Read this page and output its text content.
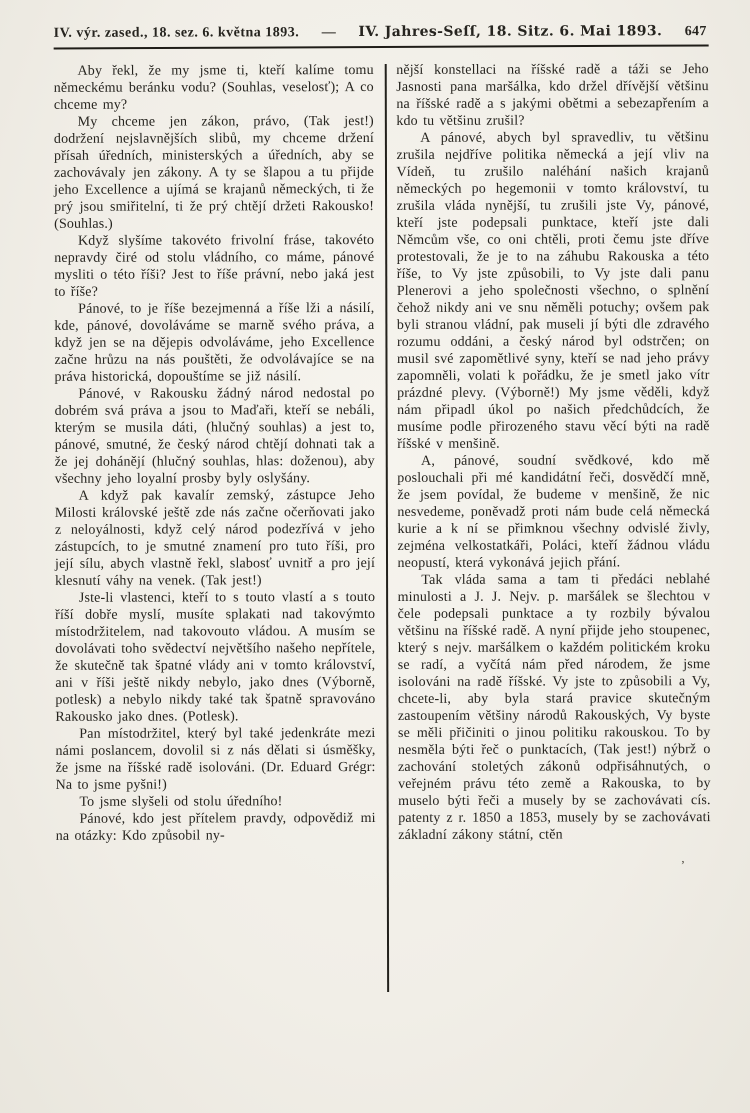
IV. výr. zased., 18. sez. 6. května 1893. — IV. Jahres-Seſſ, 18. Sitz. 6. Mai 1893. 647

Aby řekl, že my jsme ti, kteří kalíme tomu německému beránku vodu? (Souhlas, veselosť); A co chceme my?

My chceme jen zákon, právo, (Tak jest!) dodržení nejslavnějších slibů, my chceme držení přísah úředních, ministerských a úředních, aby se zachovávaly jen zákony. A ty se šlapou a tu přijde jeho Excellence a ujímá se krajanů německých, ti že prý jsou smiřitelní, ti že prý chtějí držeti Rakousko! (Souhlas.)

Když slyšíme takovéto frivolní fráse, takovéto nepravdy čiré od stolu vládního, co máme, pánové mysliti o této říši? Jest to říše právní, nebo jaká jest to říše?

Pánové, to je říše bezejmenná a říše lži a násilí, kde, pánové, dovoláváme se marně svého práva, a když jen se na dějepis odvoláváme, jeho Excellence začne hrůzu na nás pouštěti, že odvolávajíce se na práva historická, dopouštíme se již násilí.

Pánové, v Rakousku žádný národ nedostal po dobrém svá práva a jsou to Maďaři, kteří se nebáli, kterým se musila dáti, (hlučný souhlas) a jest to, pánové, smutné, že český národ chtějí dohnati tak a že jej dohánějí (hlučný souhlas, hlas: doženou), aby všechny jeho loyalní prosby byly oslyšány.

A když pak kavalír zemský, zástupce Jeho Milosti královské ještě zde nás začne očerňovati jako z neloyálnosti, když celý národ podezřívá v jeho zástupcích, to je smutné znamení pro tuto říši, pro její sílu, abych vlastně řekl, slabosť uvnitř a pro její klesnutí váhy na venek. (Tak jest!)

Jste-li vlastenci, kteří to s touto vlastí a s touto říší dobře myslí, musíte splakati nad takovýmto místodržitelem, nad takovouto vládou. A musím se dovolávati toho svědectví největšího našeho nepřítele, že skutečně tak špatné vlády ani v tomto království, ani v říši ještě nikdy nebylo, jako dnes (Výborně, potlesk) a nebylo nikdy také tak špatně spravováno Rakousko jako dnes. (Potlesk).

Pan místodržitel, který byl také jedenkráte mezi námi poslancem, dovolil si z nás dělati si úsměšky, že jsme na říšské radě isolováni. (Dr. Eduard Grégr: Na to jsme pyšni!)

To jsme slyšeli od stolu úředního!

Pánové, kdo jest přítelem pravdy, odpovědiž mi na otázky: Kdo způsobil ny-

nější konstellaci na říšské radě a táži se Jeho Jasnosti pana maršálka, kdo držel dřívější většinu na říšské radě a s jakými obětmi a sebezapřením a kdo tu většinu zrušil?

A pánové, abych byl spravedliv, tu většinu zrušila nejdříve politika německá a její vliv na Vídeň, tu zrušilo naléhání našich krajanů německých po hegemonii v tomto království, tu zrušila vláda nynější, tu zrušili jste Vy, pánové, kteří jste podepsali punktace, kteří jste dali Němcům vše, co oni chtěli, proti čemu jste dříve protestovali, že je to na záhubu Rakouska a této říše, to Vy jste způsobili, to Vy jste dali panu Plenerovi a jeho společnosti všechno, o splnění čehož nikdy ani ve snu něměli potuchy; ovšem pak byli stranou vládní, pak museli jí býti dle zdravého rozumu oddáni, a český národ byl odstrčen; on musil své zapomětlivé syny, kteří se nad jeho právy zapomněli, volati k pořádku, že je smetl jako vítr prázdné plevy. (Výborně!) My jsme věděli, když nám připadl úkol po našich předchůdcích, že musíme podle přirozeného stavu věcí býti na radě říšské v menšině.

A, pánové, soudní svědkové, kdo mě poslouchali při mé kandidátní řeči, dosvědčí mně, že jsem povídal, že budeme v menšině, že nic nesvedeme, poněvadž proti nám bude celá německá kurie a k ní se přimknou všechny odvislé živly, zejména velkostatkáři, Poláci, kteří žádnou vládu neopustí, která vykonává jejich přání.

Tak vláda sama a tam ti předáci neblahé minulosti a J. J. Nejv. p. maršálek se šlechtou v čele podepsali punktace a ty rozbily bývalou většinu na říšské radě. A nyní přijde jeho stoupenec, který s nejv. maršálkem o každém politickém kroku se radí, a vyčítá nám před národem, že jsme isolováni na radě říšské. Vy jste to způsobili a Vy, chcete-li, aby byla stará pravice skutečným zastoupením většiny národů Rakouských, Vy byste se měli přičiniti o jinou politiku rakouskou. To by nesměla býti řeč o punktacích, (Tak jest!) nýbrž o zachování stoletých zákonů odpřisáhnutých, o veřejném právu této země a Rakouska, to by muselo býti řeči a musely by se zachovávati cís. patenty z r. 1850 a 1853, musely by se zachovávati základní zákony státní, ctěn

,
